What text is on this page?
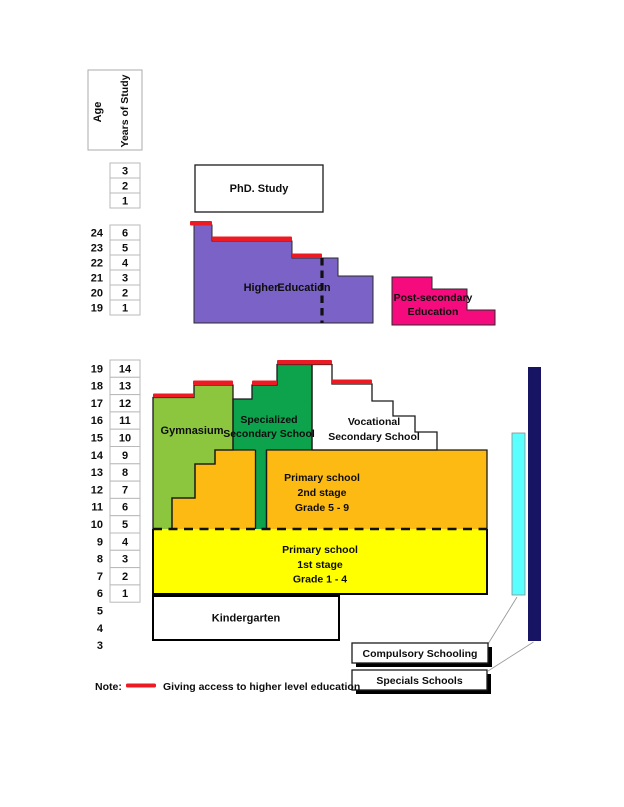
Age Years of Study
3
2
1
PhD. Study
24
23
22
21
20
19
6
5
4
3
2
1
Higher
Education
Post-secondary
Education
19
18
17
16
15
14
13
12
11
10
9
8
7
6
5
4
3
14
13
12
11
10
9
8
7
6
5
4
3
2
1
Gymnasium
Specialized
Secondary School
Vocational
Secondary School
Primary school
2nd stage
Grade 5 - 9
Primary school
1st stage
Grade 1 - 4
Kindergarten
Compulsory Schooling
Specials Schools
Note:	Giving access to higher level education
